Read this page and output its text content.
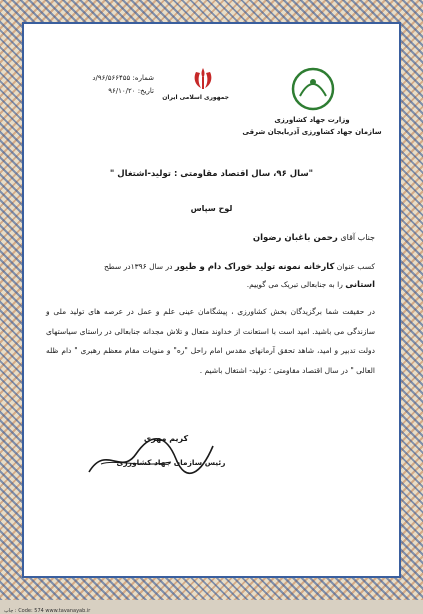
شماره: ۹۶/۵۶۶۴۵۵/د
تاریخ: ۹۶/۱۰/۲۰
جمهوری اسلامی ایران
وزارت جهاد کشاورزی
سازمان جهاد کشاورزی آذربایجان شرقی
"سال ۹۶، سال اقتصاد مقاومتی : تولید-اشتغال "
لوح سپاس
جناب آقای رحمن باغبان رضوان
کسب عنوان کارخانه نمونه تولید خوراک دام و طیور در سال ۱۳۹۶در سطح
استانی را به جنابعالی تبریک می گوییم.
در حقیقت شما برگزیدگان بخش کشاورزی ، پیشگامان عینی علم و عمل در عرصه های تولید ملی و سازندگی می باشید. امید است با استعانت از خداوند متعال و تلاش مجدانه جنابعالی در راستای سیاستهای دولت تدبیر و امید، شاهد تحقق آرمانهای مقدس امام راحل "ره" و منویات مقام معظم رهبری " دام ظله العالی " در سال اقتصاد مقاومتی ؛ تولید- اشتغال باشیم .
کریم مهری
رئیس سازمان جهاد کشاورزی
چاپ : Code: 574 www.tavanayab.ir
